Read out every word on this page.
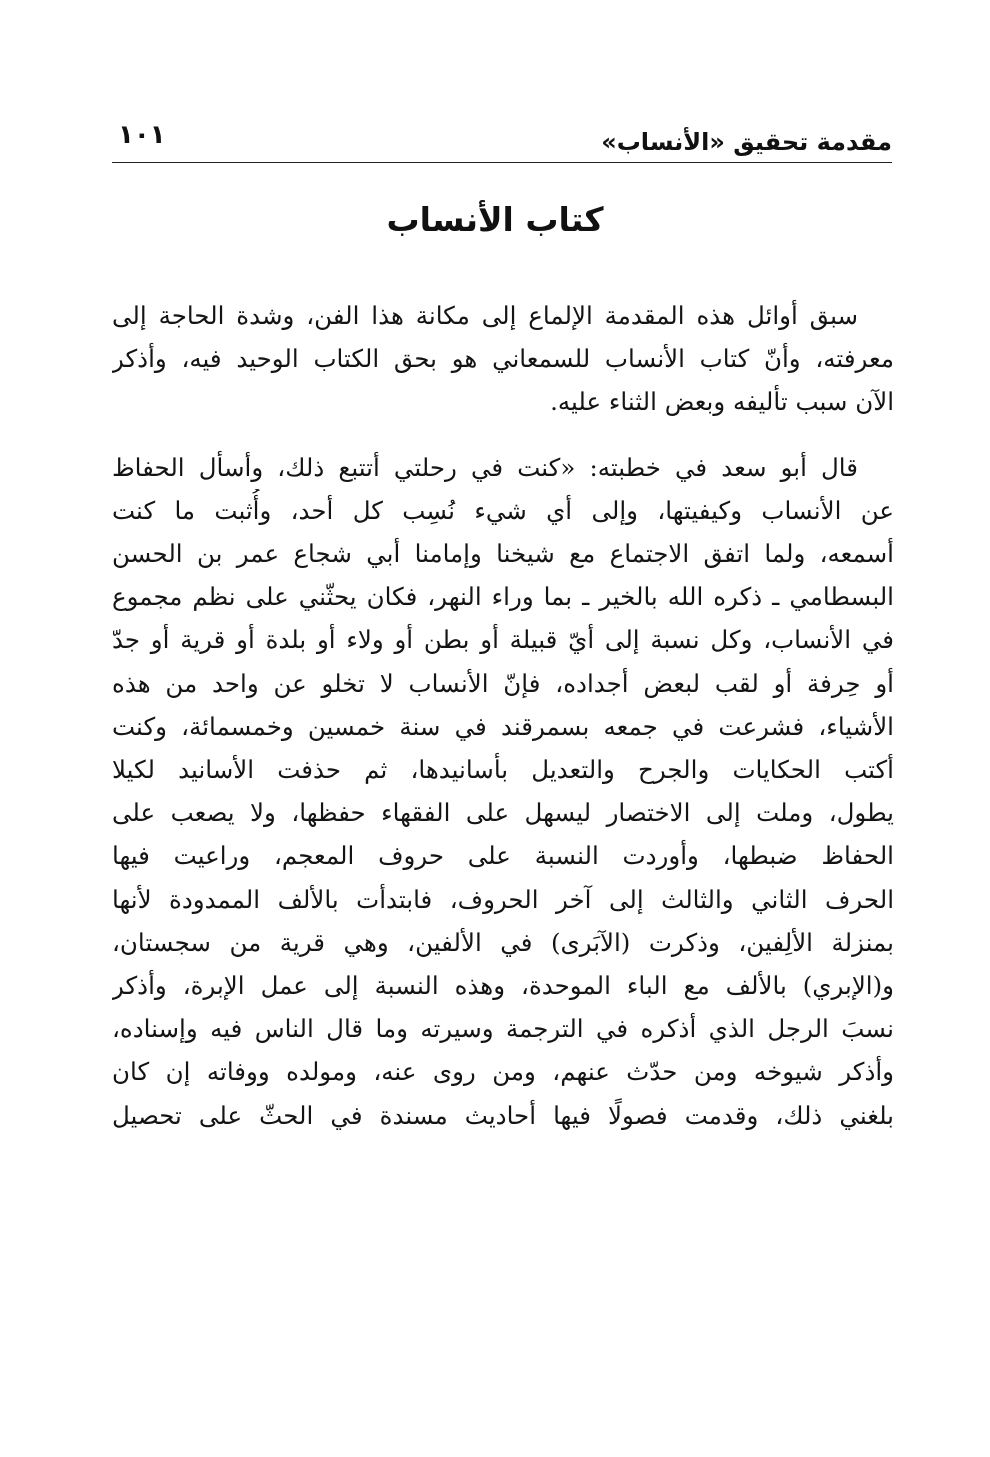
مقدمة تحقيق «الأنساب»
١٠١
كتاب الأنساب

سبق أوائل هذه المقدمة الإلماع إلى مكانة هذا الفن، وشدة الحاجة إلى
معرفته، وأنّ كتاب الأنساب للسمعاني هو بحق الكتاب الوحيد فيه، وأذكر
الآن سبب تأليفه وبعض الثناء عليه.

قال أبو سعد في خطبته: «كنت في رحلتي أتتبع ذلك، وأسأل الحفاظ
عن الأنساب وكيفيتها، وإلى أي شيء نُسِب كل أحد، وأُثبت ما كنت
أسمعه، ولما اتفق الاجتماع مع شيخنا وإمامنا أبي شجاع عمر بن الحسن
البسطامي ـ ذكره الله بالخير ـ بما وراء النهر، فكان يحثّني على نظم مجموع
في الأنساب، وكل نسبة إلى أيّ قبيلة أو بطن أو ولاء أو بلدة أو قرية أو جدّ
أو حِرفة أو لقب لبعض أجداده، فإنّ الأنساب لا تخلو عن واحد من هذه
الأشياء، فشرعت في جمعه بسمرقند في سنة خمسين وخمسمائة، وكنت
أكتب الحكايات والجرح والتعديل بأسانيدها، ثم حذفت الأسانيد لكيلا
يطول، وملت إلى الاختصار ليسهل على الفقهاء حفظها، ولا يصعب على
الحفاظ ضبطها، وأوردت النسبة على حروف المعجم، وراعيت فيها
الحرف الثاني والثالث إلى آخر الحروف، فابتدأت بالألف الممدودة لأنها
بمنزلة الألِفين، وذكرت (الآبَرى) في الألفين، وهي قرية من سجستان،
و(الإبري) بالألف مع الباء الموحدة، وهذه النسبة إلى عمل الإبرة، وأذكر
نسبَ الرجل الذي أذكره في الترجمة وسيرته وما قال الناس فيه وإسناده،
وأذكر شيوخه ومن حدّث عنهم، ومن روى عنه، ومولده ووفاته إن كان
بلغني ذلك، وقدمت فصولًا فيها أحاديث مسندة في الحثّ على تحصيل
